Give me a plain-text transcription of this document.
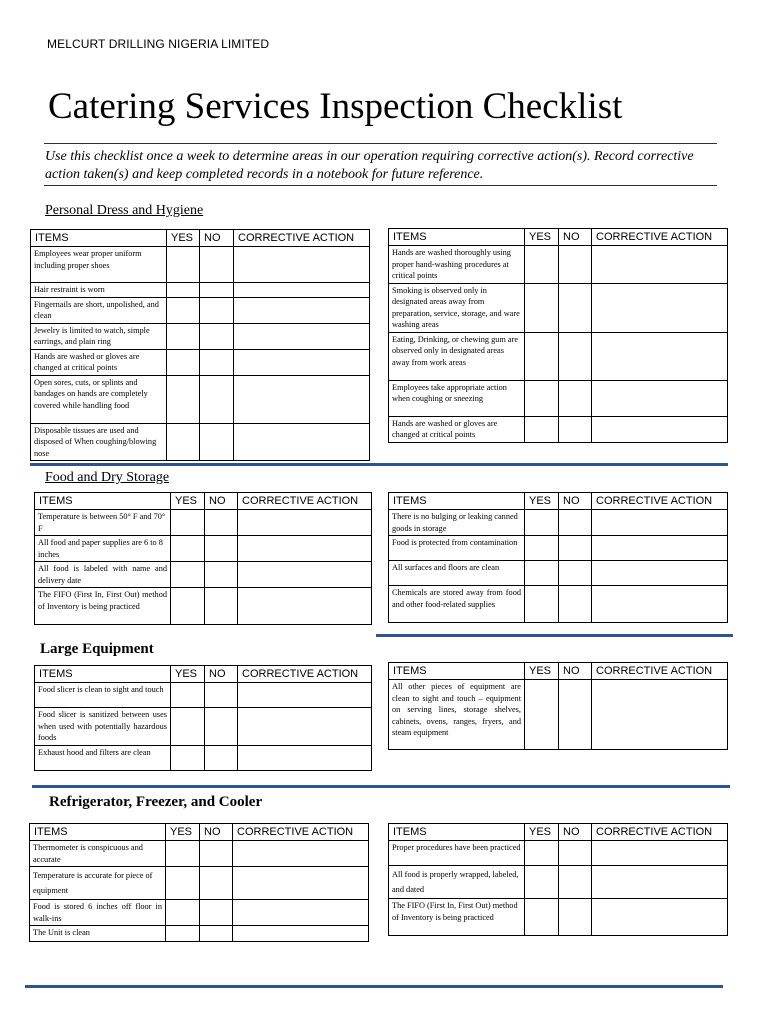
MELCURT DRILLING NIGERIA LIMITED
Catering Services Inspection Checklist
Use this checklist once a week to determine areas in our operation requiring corrective action(s). Record corrective action taken(s) and keep completed records in a notebook for future reference.
Personal Dress and Hygiene
ITEMS	YES	NO	CORRECTIVE ACTION
Employees wear proper uniform including proper shoes			
Hair restraint is worn			
Fingernails are short, unpolished, and clean			
Jewelry is limited to watch, simple earrings, and plain ring			
Hands are washed or gloves are changed at critical points			
Open sores, cuts, or splints and bandages on hands are completely covered while handling food			
Disposable tissues are used and disposed of When coughing/blowing nose			
ITEMS	YES	NO	CORRECTIVE ACTION
Hands are washed thoroughly using proper hand-washing procedures at critical points			
Smoking is observed only in designated areas away from preparation, service, storage, and ware washing areas			
Eating, Drinking, or chewing gum are observed only in designated areas away from work areas			
Employees take appropriate action when coughing or sneezing			
Hands are washed or gloves are changed at critical points			
Food and Dry Storage
ITEMS	YES	NO	CORRECTIVE ACTION
Temperature is between 50° F and 70° F			
All food and paper supplies are 6 to 8 inches			
All food is labeled with name and delivery date			
The FIFO (First In, First Out) method of Inventory is being practiced			
ITEMS	YES	NO	CORRECTIVE ACTION
There is no bulging or leaking canned goods in storage			
Food is protected from contamination			
All surfaces and floors are clean			
Chemicals are stored away from food and other food-related supplies			
Large Equipment
ITEMS	YES	NO	CORRECTIVE ACTION
Food slicer is clean to sight and touch			
Food slicer is sanitized between uses when used with potentially hazardous foods			
Exhaust hood and filters are clean			
ITEMS	YES	NO	CORRECTIVE ACTION
All other pieces of equipment are clean to sight and touch – equipment on serving lines, storage shelves, cabinets, ovens, ranges, fryers, and steam equipment			
Refrigerator, Freezer, and Cooler
ITEMS	YES	NO	CORRECTIVE ACTION
Thermometer is conspicuous and accurate			
Temperature is accurate for piece of equipment			
Food is stored 6 inches off floor in walk-ins			
The Unit is clean			
ITEMS	YES	NO	CORRECTIVE ACTION
Proper procedures have been practiced			
All food is properly wrapped, labeled, and dated			
The FIFO (First In, First Out) method of Inventory is being practiced			
